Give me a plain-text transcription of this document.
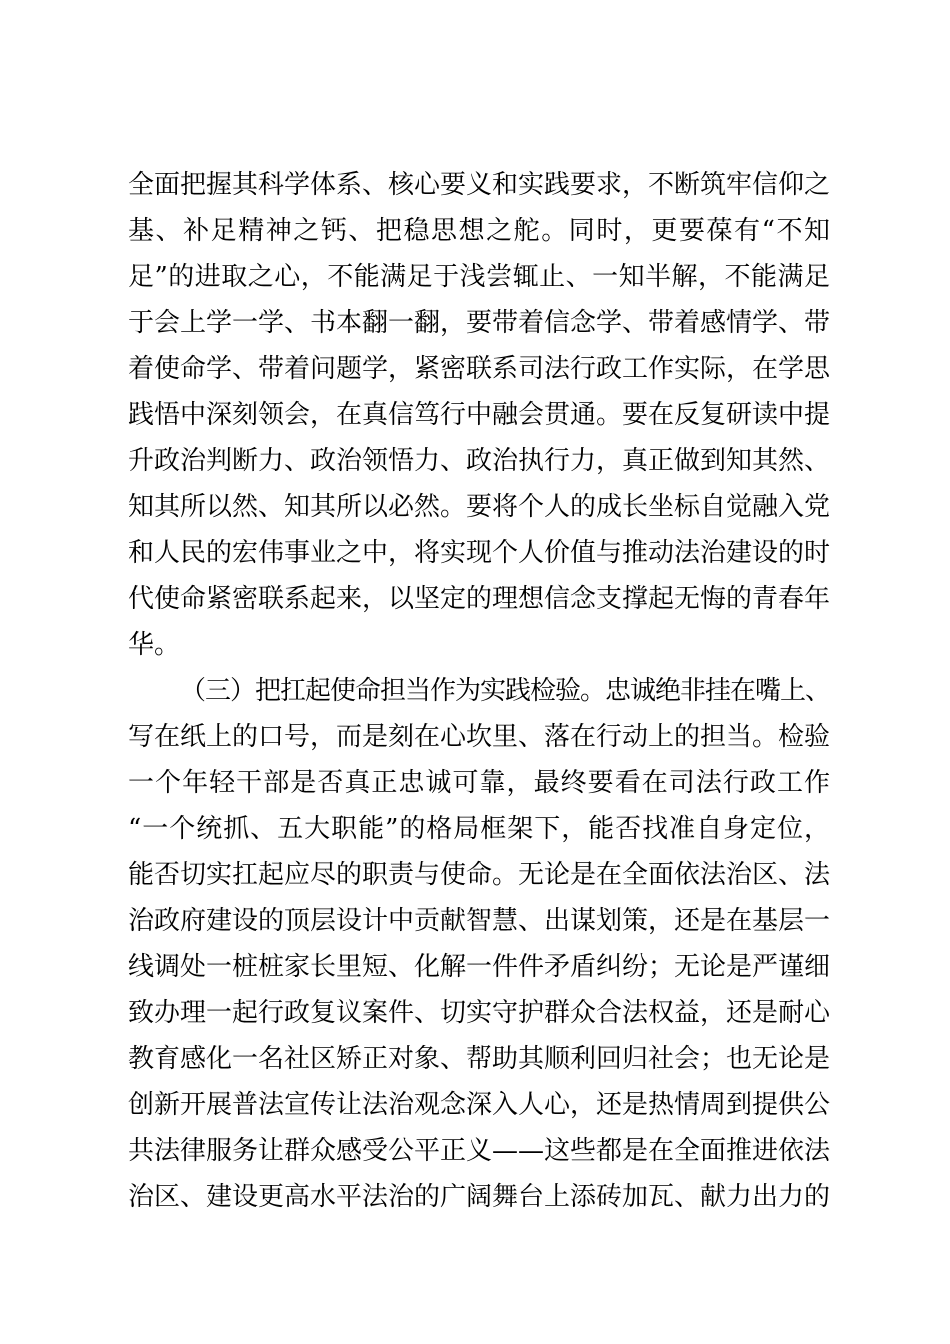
全面把握其科学体系、核心要义和实践要求，不断筑牢信仰之
基、补足精神之钙、把稳思想之舵。同时，更要葆有“不知
足”的进取之心，不能满足于浅尝辄止、一知半解，不能满足
于会上学一学、书本翻一翻，要带着信念学、带着感情学、带
着使命学、带着问题学，紧密联系司法行政工作实际，在学思
践悟中深刻领会，在真信笃行中融会贯通。要在反复研读中提
升政治判断力、政治领悟力、政治执行力，真正做到知其然、
知其所以然、知其所以必然。要将个人的成长坐标自觉融入党
和人民的宏伟事业之中，将实现个人价值与推动法治建设的时
代使命紧密联系起来，以坚定的理想信念支撑起无悔的青春年
华。
（三）把扛起使命担当作为实践检验。忠诚绝非挂在嘴上、
写在纸上的口号，而是刻在心坎里、落在行动上的担当。检验
一个年轻干部是否真正忠诚可靠，最终要看在司法行政工作
“一个统抓、五大职能”的格局框架下，能否找准自身定位，
能否切实扛起应尽的职责与使命。无论是在全面依法治区、法
治政府建设的顶层设计中贡献智慧、出谋划策，还是在基层一
线调处一桩桩家长里短、化解一件件矛盾纠纷；无论是严谨细
致办理一起行政复议案件、切实守护群众合法权益，还是耐心
教育感化一名社区矫正对象、帮助其顺利回归社会；也无论是
创新开展普法宣传让法治观念深入人心，还是热情周到提供公
共法律服务让群众感受公平正义——这些都是在全面推进依法
治区、建设更高水平法治的广阔舞台上添砖加瓦、献力出力的
